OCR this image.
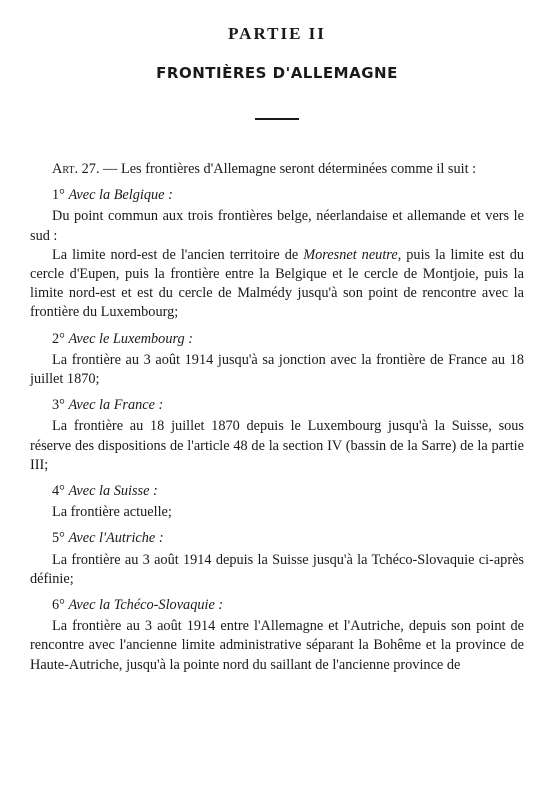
PARTIE II
FRONTIÈRES D'ALLEMAGNE

Art. 27. — Les frontières d'Allemagne seront déterminées comme il suit :

1° Avec la Belgique :

Du point commun aux trois frontières belge, néerlandaise et allemande et vers le sud :

La limite nord-est de l'ancien territoire de Moresnet neutre, puis la limite est du cercle d'Eupen, puis la frontière entre la Belgique et le cercle de Montjoie, puis la limite nord-est et est du cercle de Malmédy jusqu'à son point de rencontre avec la frontière du Luxembourg;

2° Avec le Luxembourg :

La frontière au 3 août 1914 jusqu'à sa jonction avec la frontière de France au 18 juillet 1870;

3° Avec la France :

La frontière au 18 juillet 1870 depuis le Luxembourg jusqu'à la Suisse, sous réserve des dispositions de l'article 48 de la section IV (bassin de la Sarre) de la partie III;

4° Avec la Suisse :

La frontière actuelle;

5° Avec l'Autriche :

La frontière au 3 août 1914 depuis la Suisse jusqu'à la Tchéco-Slovaquie ci-après définie;

6° Avec la Tchéco-Slovaquie :

La frontière au 3 août 1914 entre l'Allemagne et l'Autriche, depuis son point de rencontre avec l'ancienne limite administrative séparant la Bohême et la province de Haute-Autriche, jusqu'à la pointe nord du saillant de l'ancienne province de
